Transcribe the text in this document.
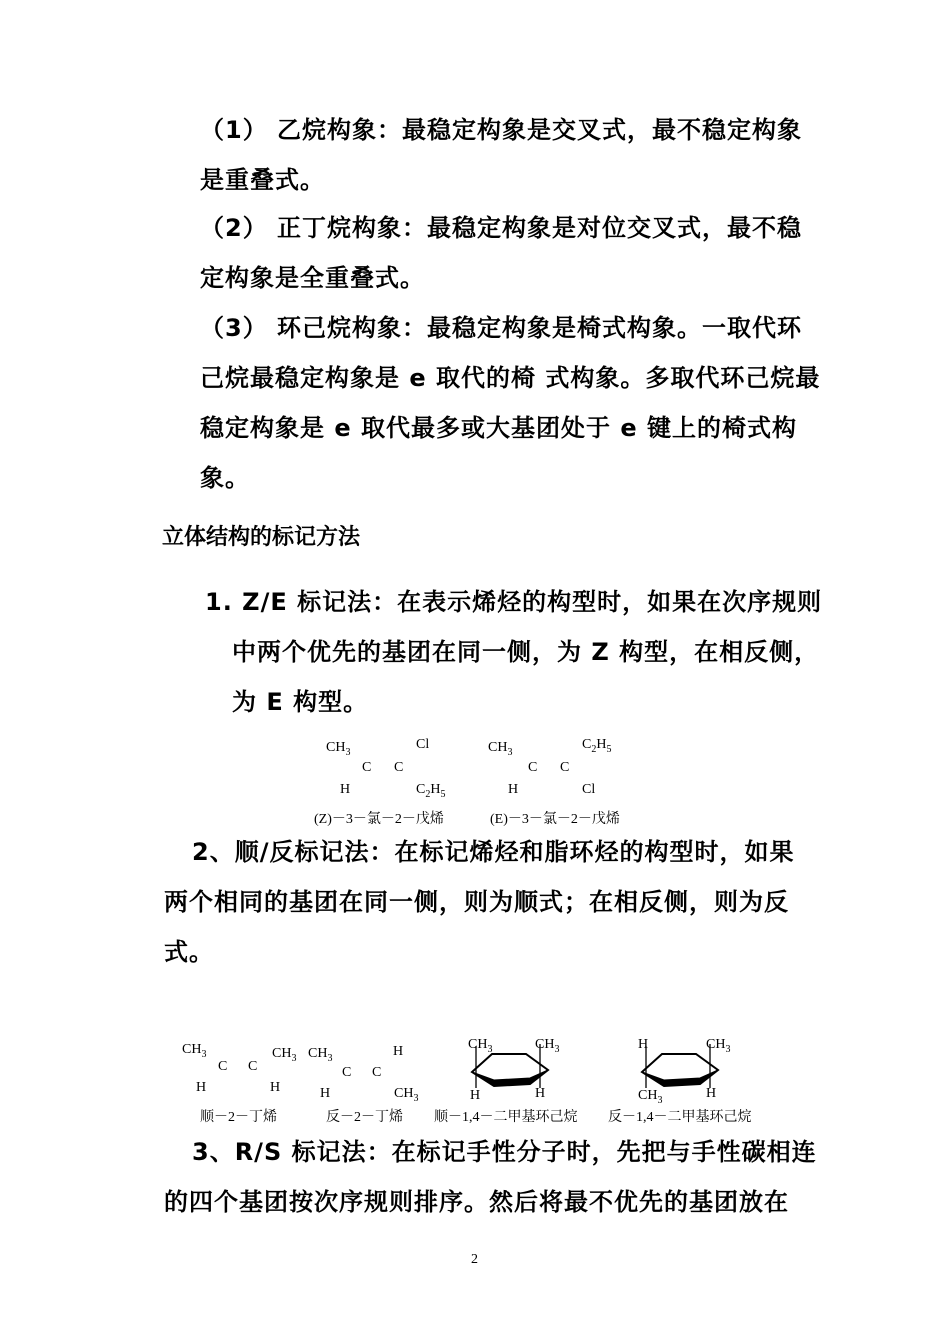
（1） 乙烷构象：最稳定构象是交叉式，最不稳定构象
是重叠式。
（2） 正丁烷构象：最稳定构象是对位交叉式，最不稳
定构象是全重叠式。
（3） 环己烷构象：最稳定构象是椅式构象。一取代环
己烷最稳定构象是 e 取代的椅 式构象。多取代环己烷最
稳定构象是 e 取代最多或大基团处于 e 键上的椅式构
象。
立体结构的标记方法
1. Z/E 标记法：在表示烯烃的构型时，如果在次序规则
中两个优先的基团在同一侧，为 Z 构型，在相反侧，
为 E 构型。
$CH_3$
Cl
C C
H	$C_2H_5$
(Z)－3－氯－2－戊烯
$CH_3$
$C_2H_5$
C C
H	Cl
(E)－3－氯－2－戊烯
2、顺/反标记法：在标记烯烃和脂环烃的构型时，如果
两个相同的基团在同一侧，则为顺式；在相反侧，则为反
式。
$CH_3$
C C
$CH_3$
H	H
顺－2－丁烯
$CH_3$	H
C C
H	$CH_3$
反－2－丁烯
$CH_3$	$CH_3$
H	H
顺－1,4－二甲基环己烷
H	$CH_3$
$CH_3$	H
反－1,4－二甲基环己烷
3、R/S 标记法：在标记手性分子时，先把与手性碳相连
的四个基团按次序规则排序。然后将最不优先的基团放在
2
